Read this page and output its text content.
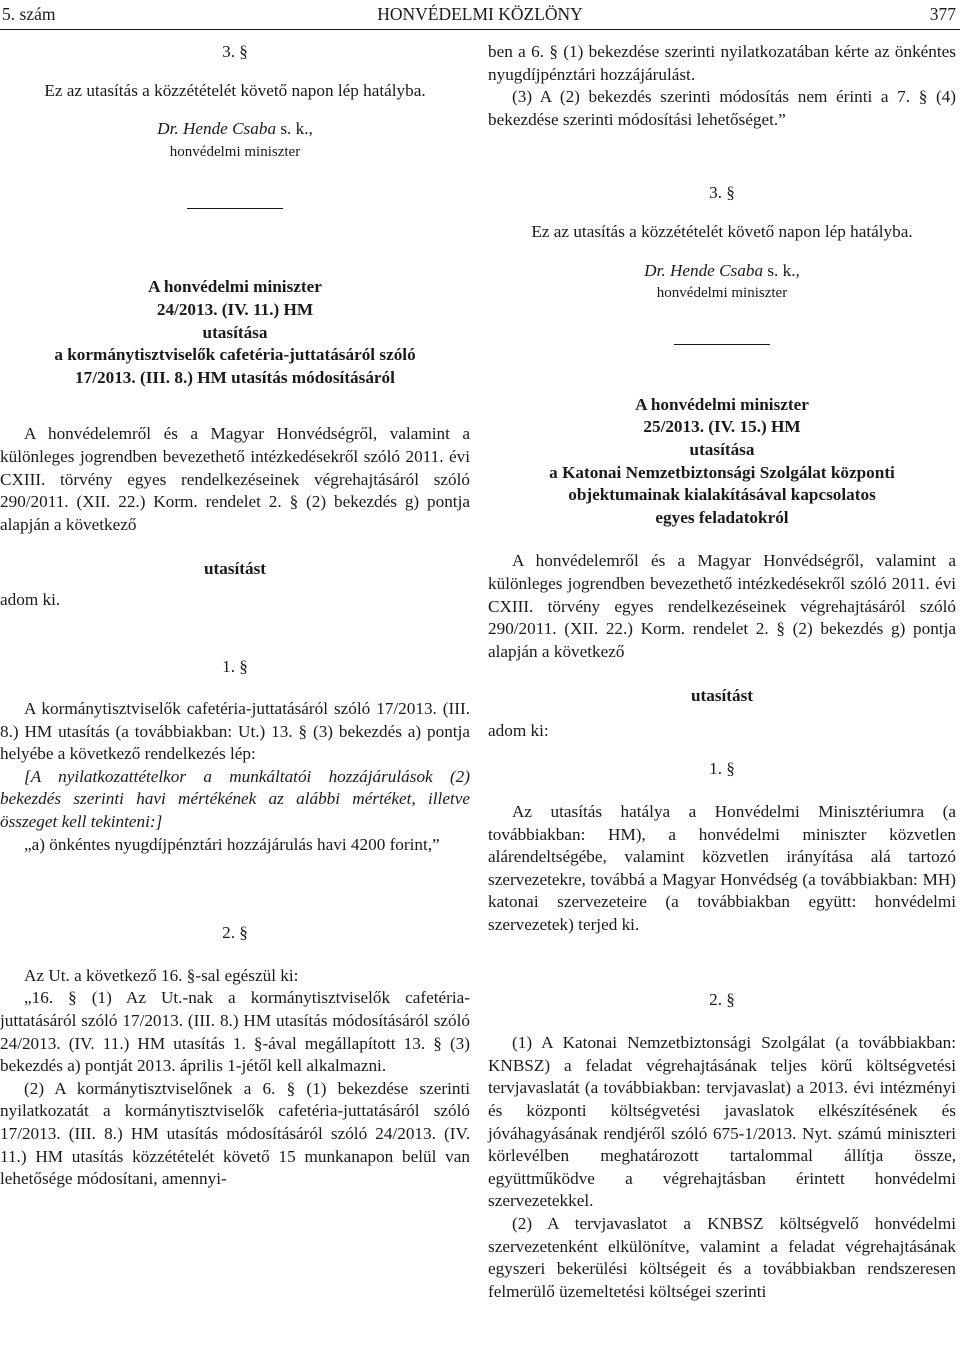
5. szám	HONVÉDELMI KÖZLÖNY	377

3. §

Ez az utasítás a közzétételét követő napon lép hatályba.

Dr. Hende Csaba s. k.,

honvédelmi miniszter

A honvédelmi miniszter

24/2013. (IV. 11.) HM

utasítása

a kormánytisztviselők cafetéria-juttatásáról szóló

17/2013. (III. 8.) HM utasítás módosításáról

A honvédelemről és a Magyar Honvédségről, valamint a különleges jogrendben bevezethető intézkedésekről szóló 2011. évi CXIII. törvény egyes rendelkezéseinek végrehajtásáról szóló 290/2011. (XII. 22.) Korm. rendelet 2. § (2) bekezdés g) pontja alapján a következő

utasítást

adom ki.

1. §

A kormánytisztviselők cafetéria-juttatásáról szóló 17/2013. (III. 8.) HM utasítás (a továbbiakban: Ut.) 13. § (3) bekezdés a) pontja helyébe a következő rendelkezés lép:

[A nyilatkozattételkor a munkáltatói hozzájárulások (2) bekezdés szerinti havi mértékének az alábbi mértéket, illetve összeget kell tekinteni:]

„a) önkéntes nyugdíjpénztári hozzájárulás havi 4200 forint,”

2. §

Az Ut. a következő 16. §-sal egészül ki:

„16. § (1) Az Ut.-nak a kormánytisztviselők cafetéria-juttatásáról szóló 17/2013. (III. 8.) HM utasítás módosításáról szóló 24/2013. (IV. 11.) HM utasítás 1. §-ával megállapított 13. § (3) bekezdés a) pontját 2013. április 1-jétől kell alkalmazni.

(2) A kormánytisztviselőnek a 6. § (1) bekezdése szerinti nyilatkozatát a kormánytisztviselők cafetéria-juttatásáról szóló 17/2013. (III. 8.) HM utasítás módosításáról szóló 24/2013. (IV. 11.) HM utasítás közzétételét követő 15 munkanapon belül van lehetősége módosítani, amennyi-

ben a 6. § (1) bekezdése szerinti nyilatkozatában kérte az önkéntes nyugdíjpénztári hozzájárulást.

(3) A (2) bekezdés szerinti módosítás nem érinti a 7. § (4) bekezdése szerinti módosítási lehetőséget.”

3. §

Ez az utasítás a közzétételét követő napon lép hatályba.

Dr. Hende Csaba s. k.,

honvédelmi miniszter

A honvédelmi miniszter

25/2013. (IV. 15.) HM

utasítása

a Katonai Nemzetbiztonsági Szolgálat központi

objektumainak kialakításával kapcsolatos

egyes feladatokról

A honvédelemről és a Magyar Honvédségről, valamint a különleges jogrendben bevezethető intézkedésekről szóló 2011. évi CXIII. törvény egyes rendelkezéseinek végrehajtásáról szóló 290/2011. (XII. 22.) Korm. rendelet 2. § (2) bekezdés g) pontja alapján a következő

utasítást

adom ki:

1. §

Az utasítás hatálya a Honvédelmi Minisztériumra (a továbbiakban: HM), a honvédelmi miniszter közvetlen alárendeltségébe, valamint közvetlen irányítása alá tartozó szervezetekre, továbbá a Magyar Honvédség (a továbbiakban: MH) katonai szervezeteire (a továbbiakban együtt: honvédelmi szervezetek) terjed ki.

2. §

(1) A Katonai Nemzetbiztonsági Szolgálat (a továbbiakban: KNBSZ) a feladat végrehajtásának teljes körű költségvetési tervjavaslatát (a továbbiakban: tervjavaslat) a 2013. évi intézményi és központi költségvetési javaslatok elkészítésének és jóváhagyásának rendjéről szóló 675-1/2013. Nyt. számú miniszteri körlevélben meghatározott tartalommal állítja össze, együttműködve a végrehajtásban érintett honvédelmi szervezetekkel.

(2) A tervjavaslatot a KNBSZ költségvelő honvédelmi szervezetenként elkülönítve, valamint a feladat végrehajtásának egyszeri bekerülési költségeit és a továbbiakban rendszeresen felmerülő üzemeltetési költségei szerinti
